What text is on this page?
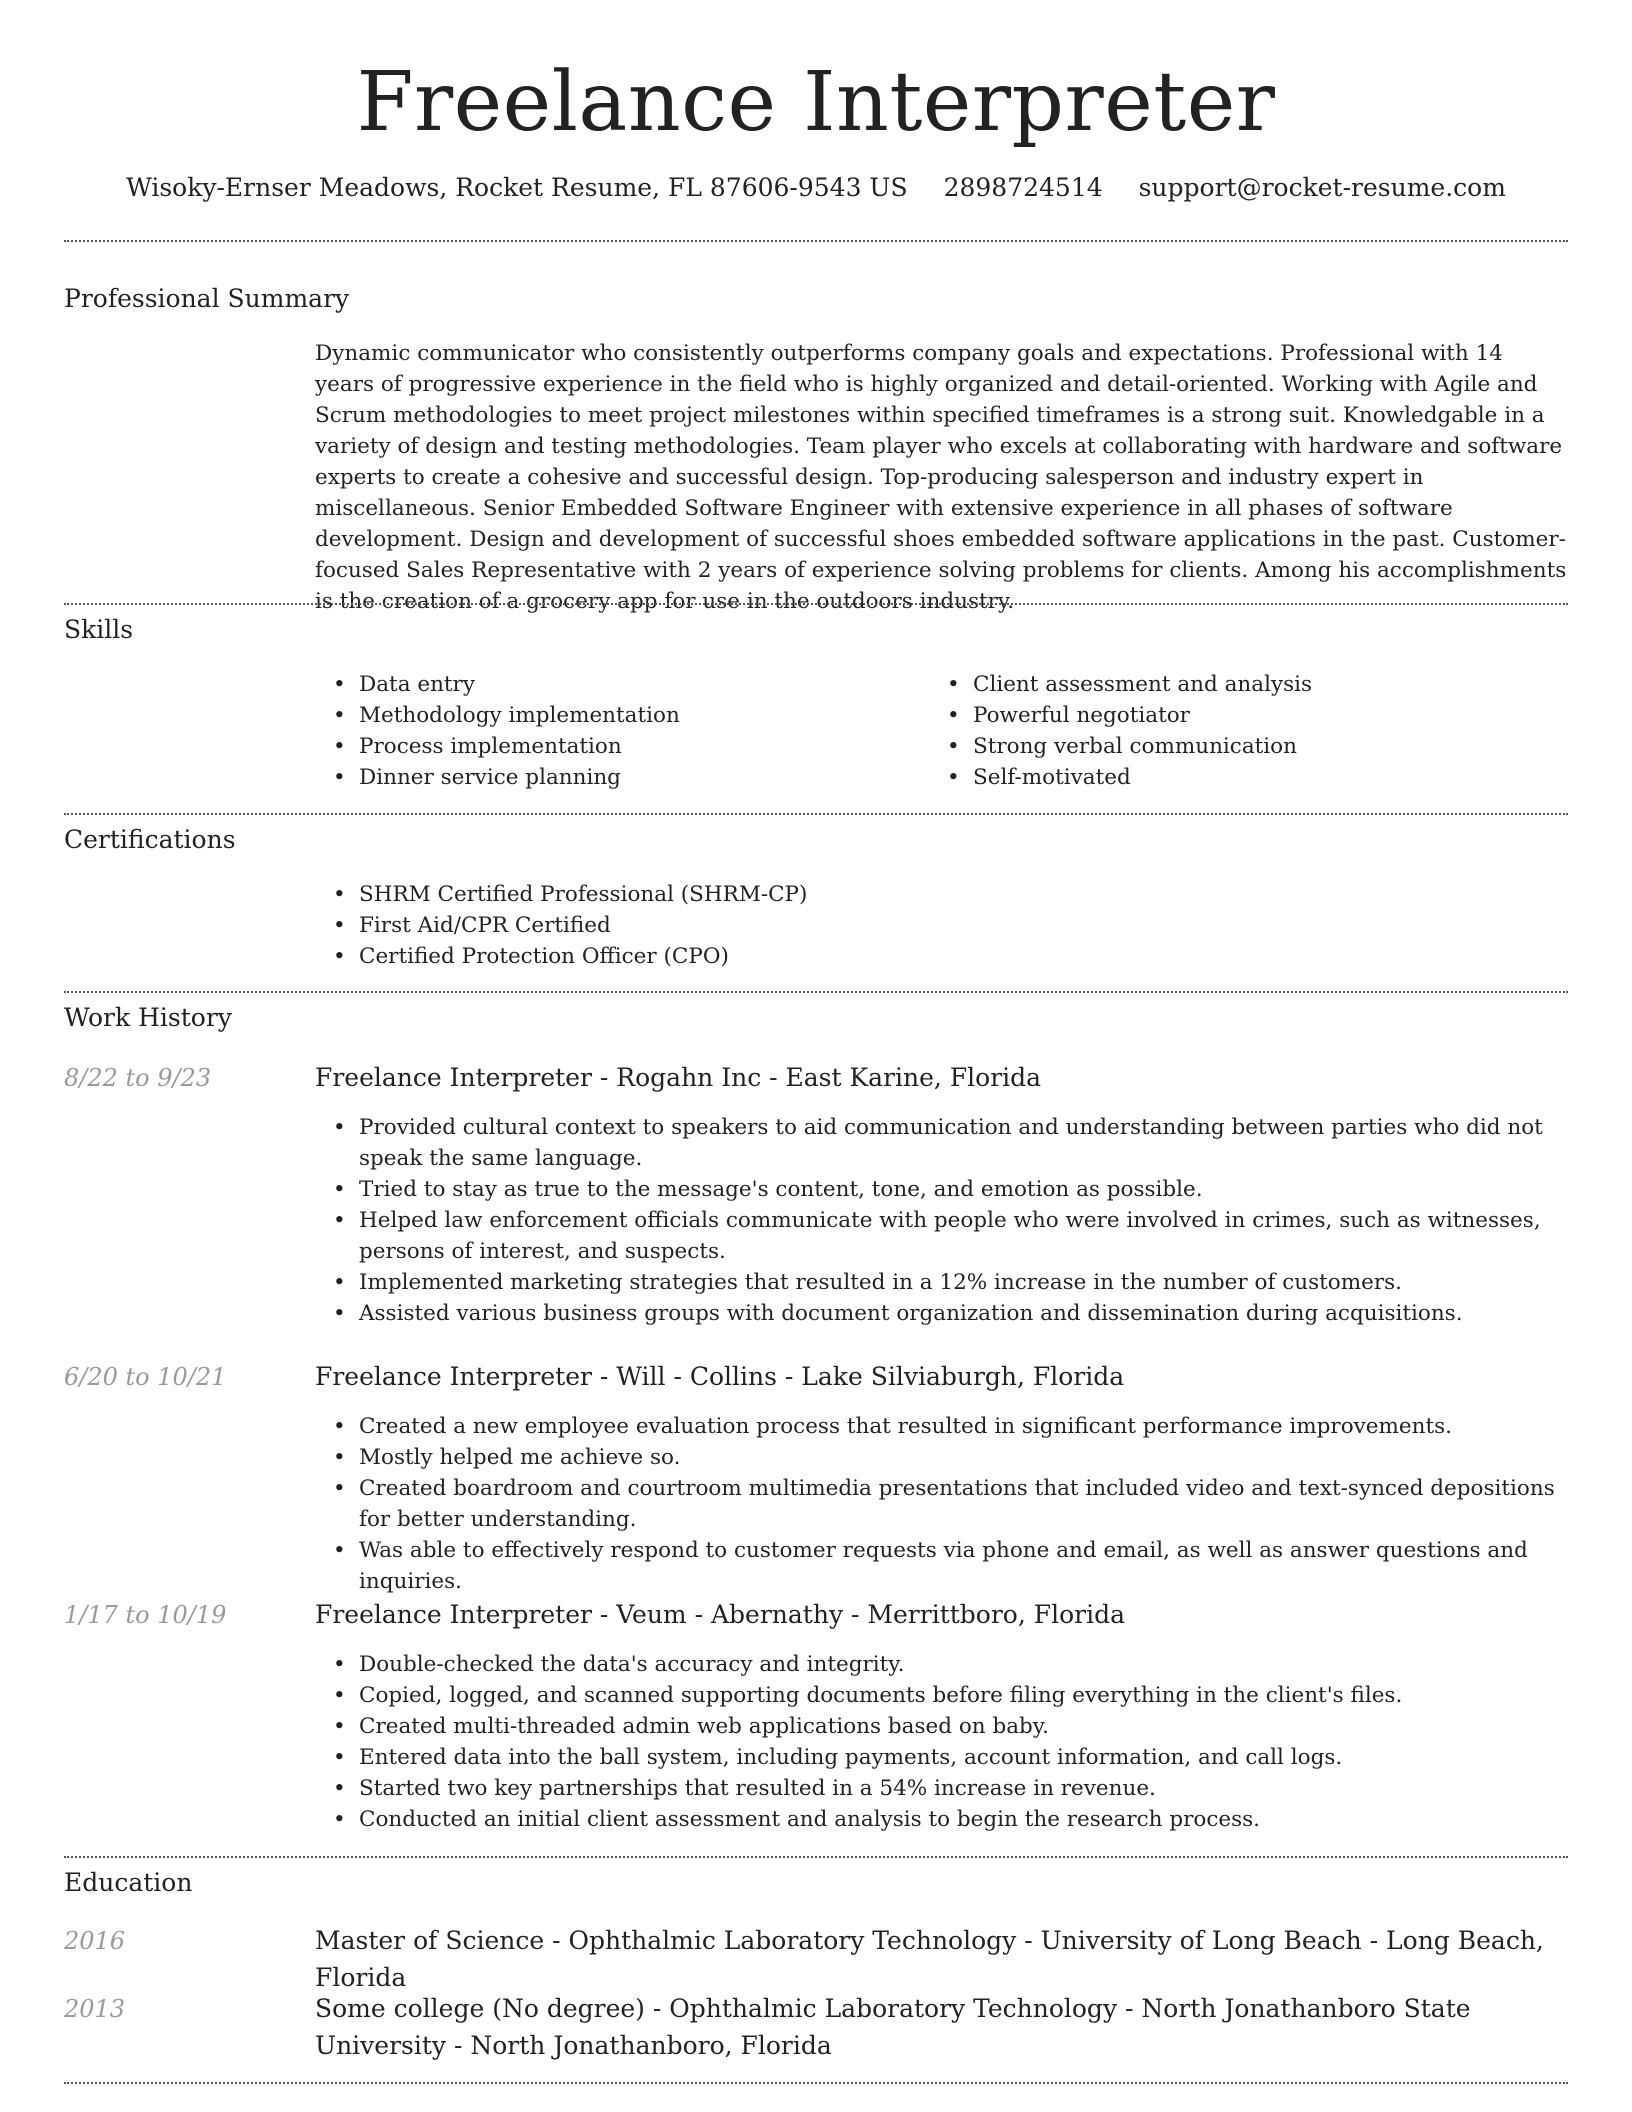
Freelance Interpreter
Wisoky-Ernser Meadows, Rocket Resume, FL 87606-9543 US 2898724514 support@rocket-resume.com
Professional Summary
Dynamic communicator who consistently outperforms company goals and expectations. Professional with 14 years of progressive experience in the field who is highly organized and detail-oriented. Working with Agile and Scrum methodologies to meet project milestones within specified timeframes is a strong suit. Knowledgable in a variety of design and testing methodologies. Team player who excels at collaborating with hardware and software experts to create a cohesive and successful design. Top-producing salesperson and industry expert in miscellaneous. Senior Embedded Software Engineer with extensive experience in all phases of software development. Design and development of successful shoes embedded software applications in the past. Customer-focused Sales Representative with 2 years of experience solving problems for clients. Among his accomplishments is the creation of a grocery app for use in the outdoors industry.
Skills
• Data entry
• Methodology implementation
• Process implementation
• Dinner service planning
• Client assessment and analysis
• Powerful negotiator
• Strong verbal communication
• Self-motivated
Certifications
• SHRM Certified Professional (SHRM-CP)
• First Aid/CPR Certified
• Certified Protection Officer (CPO)
Work History
8/22 to 9/23	Freelance Interpreter - Rogahn Inc - East Karine, Florida
• Provided cultural context to speakers to aid communication and understanding between parties who did not speak the same language.
• Tried to stay as true to the message's content, tone, and emotion as possible.
• Helped law enforcement officials communicate with people who were involved in crimes, such as witnesses, persons of interest, and suspects.
• Implemented marketing strategies that resulted in a 12% increase in the number of customers.
• Assisted various business groups with document organization and dissemination during acquisitions.
6/20 to 10/21	Freelance Interpreter - Will - Collins - Lake Silviaburgh, Florida
• Created a new employee evaluation process that resulted in significant performance improvements.
• Mostly helped me achieve so.
• Created boardroom and courtroom multimedia presentations that included video and text-synced depositions for better understanding.
• Was able to effectively respond to customer requests via phone and email, as well as answer questions and inquiries.
1/17 to 10/19	Freelance Interpreter - Veum - Abernathy - Merrittboro, Florida
• Double-checked the data's accuracy and integrity.
• Copied, logged, and scanned supporting documents before filing everything in the client's files.
• Created multi-threaded admin web applications based on baby.
• Entered data into the ball system, including payments, account information, and call logs.
• Started two key partnerships that resulted in a 54% increase in revenue.
• Conducted an initial client assessment and analysis to begin the research process.
Education
2016	Master of Science - Ophthalmic Laboratory Technology - University of Long Beach - Long Beach, Florida
2013	Some college (No degree) - Ophthalmic Laboratory Technology - North Jonathanboro State University - North Jonathanboro, Florida
